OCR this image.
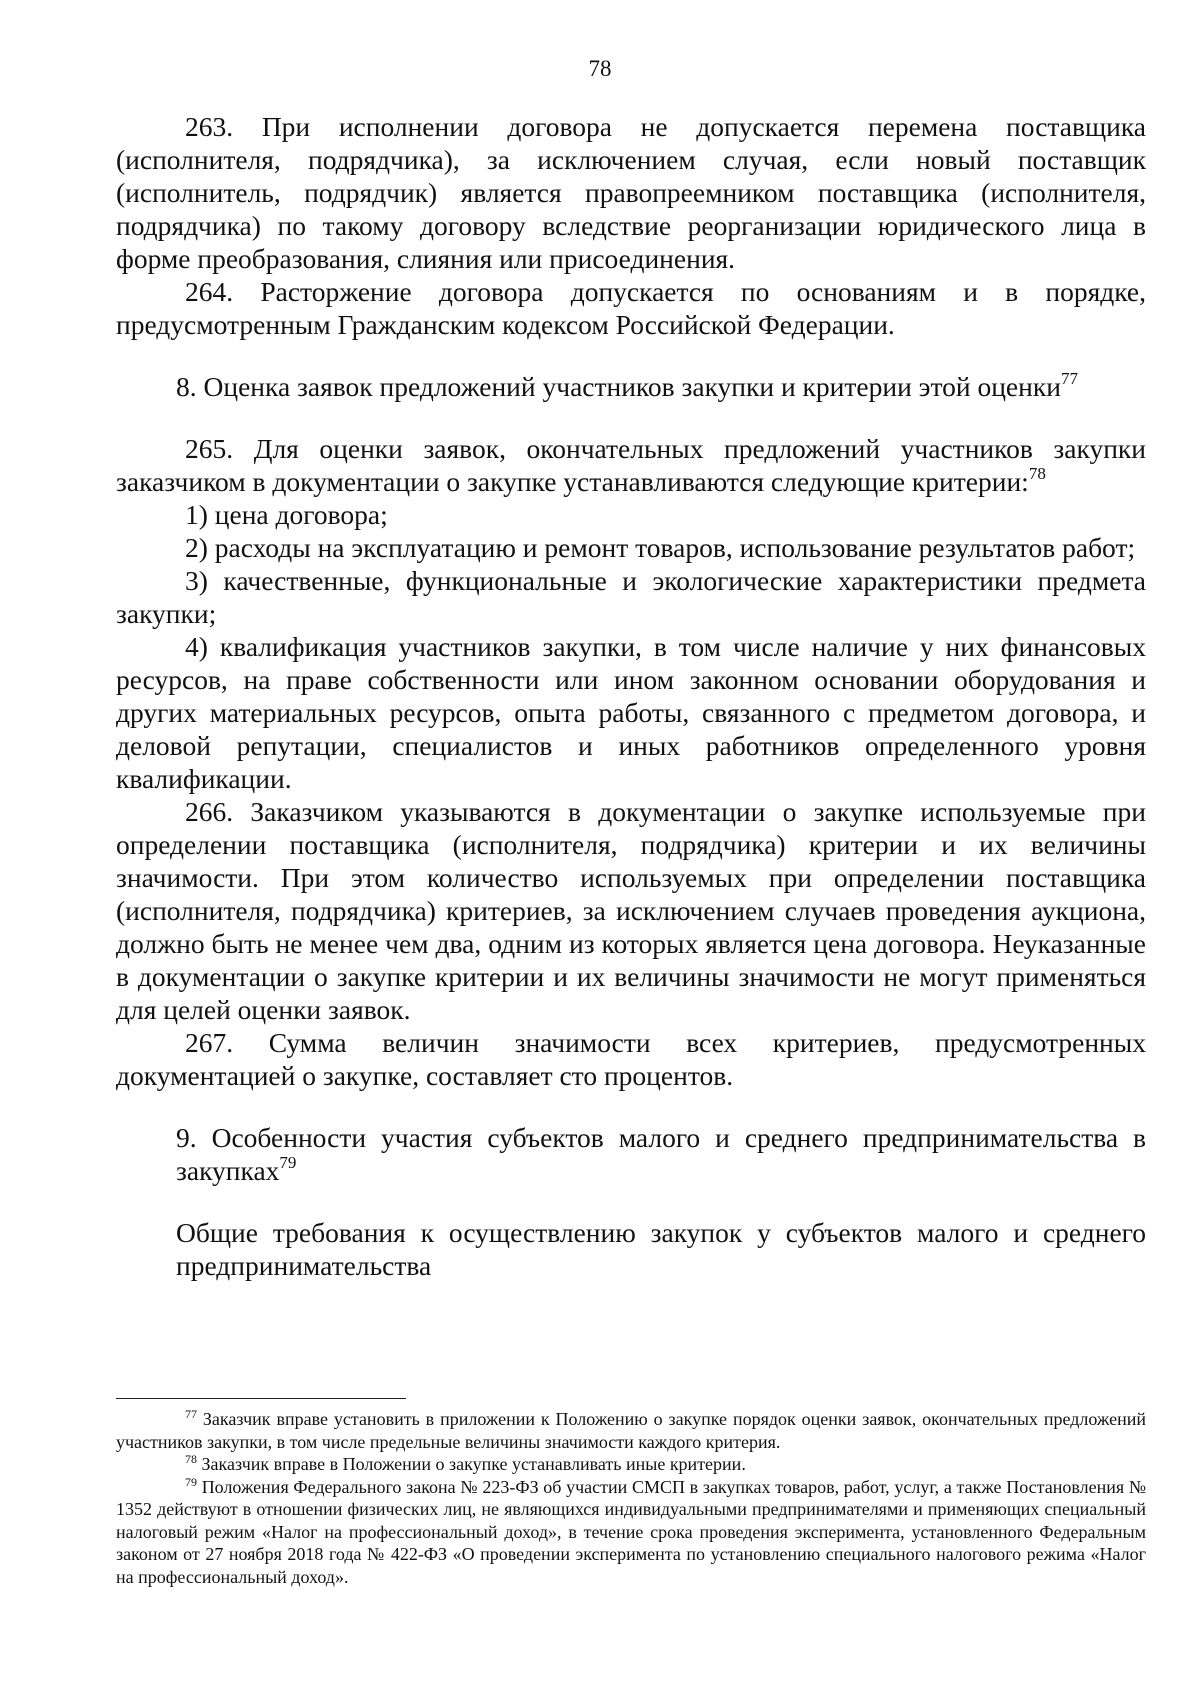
78

263. При исполнении договора не допускается перемена поставщика (исполнителя, подрядчика), за исключением случая, если новый поставщик (исполнитель, подрядчик) является правопреемником поставщика (исполнителя, подрядчика) по такому договору вследствие реорганизации юридического лица в форме преобразования, слияния или присоединения.

264. Расторжение договора допускается по основаниям и в порядке, предусмотренным Гражданским кодексом Российской Федерации.

8. Оценка заявок предложений участников закупки и критерии этой оценки$^{77}$

265. Для оценки заявок, окончательных предложений участников закупки заказчиком в документации о закупке устанавливаются следующие критерии:$^{78}$

1) цена договора;

2) расходы на эксплуатацию и ремонт товаров, использование результатов работ;

3) качественные, функциональные и экологические характеристики предмета закупки;

4) квалификация участников закупки, в том числе наличие у них финансовых ресурсов, на праве собственности или ином законном основании оборудования и других материальных ресурсов, опыта работы, связанного с предметом договора, и деловой репутации, специалистов и иных работников определенного уровня квалификации.

266. Заказчиком указываются в документации о закупке используемые при определении поставщика (исполнителя, подрядчика) критерии и их величины значимости. При этом количество используемых при определении поставщика (исполнителя, подрядчика) критериев, за исключением случаев проведения аукциона, должно быть не менее чем два, одним из которых является цена договора. Неуказанные в документации о закупке критерии и их величины значимости не могут применяться для целей оценки заявок.

267. Сумма величин значимости всех критериев, предусмотренных документацией о закупке, составляет сто процентов.

9. Особенности участия субъектов малого и среднего предпринимательства в закупках$^{79}$

Общие требования к осуществлению закупок у субъектов малого и среднего предпринимательства

$^{77}$ Заказчик вправе установить в приложении к Положению о закупке порядок оценки заявок, окончательных предложений участников закупки, в том числе предельные величины значимости каждого критерия.

$^{78}$ Заказчик вправе в Положении о закупке устанавливать иные критерии.

$^{79}$ Положения Федерального закона № 223-ФЗ об участии СМСП в закупках товаров, работ, услуг, а также Постановления № 1352 действуют в отношении физических лиц, не являющихся индивидуальными предпринимателями и применяющих специальный налоговый режим «Налог на профессиональный доход», в течение срока проведения эксперимента, установленного Федеральным законом от 27 ноября 2018 года № 422-ФЗ «О проведении эксперимента по установлению специального налогового режима «Налог на профессиональный доход».
